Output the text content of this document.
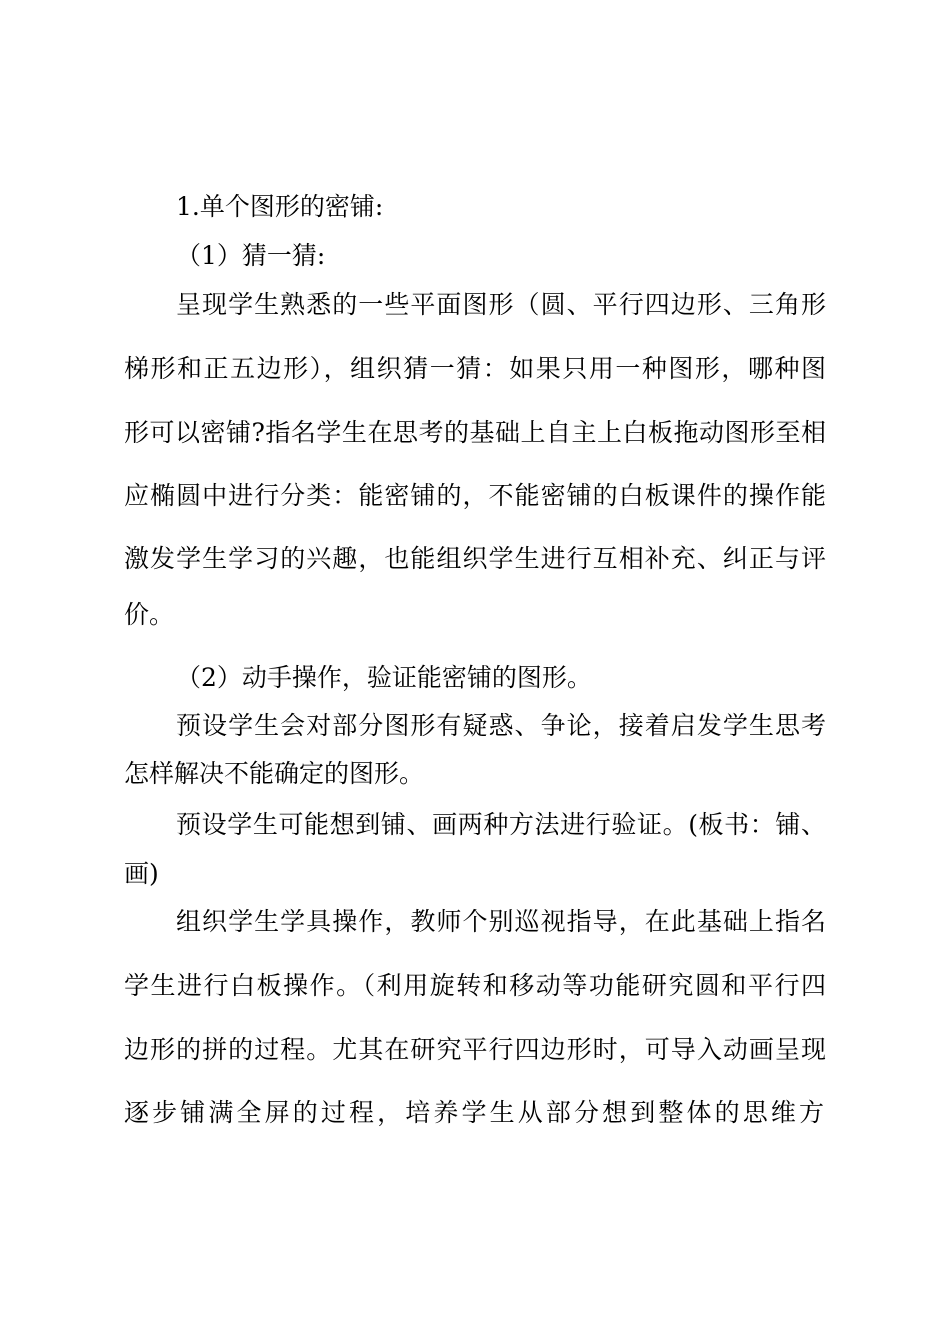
1.单个图形的密铺:
（1）猜一猜:
呈现学生熟悉的一些平面图形（圆、平行四边形、三角形
梯形和正五边形），组织猜一猜：如果只用一种图形，哪种图
形可以密铺?指名学生在思考的基础上自主上白板拖动图形至相
应椭圆中进行分类：能密铺的，不能密铺的白板课件的操作能
激发学生学习的兴趣，也能组织学生进行互相补充、纠正与评
价。
（2）动手操作，验证能密铺的图形。
预设学生会对部分图形有疑惑、争论，接着启发学生思考
怎样解决不能确定的图形。
预设学生可能想到铺、画两种方法进行验证。(板书：铺、
画)
组织学生学具操作，教师个别巡视指导，在此基础上指名
学生进行白板操作。（利用旋转和移动等功能研究圆和平行四
边形的拼的过程。尤其在研究平行四边形时，可导入动画呈现
逐步铺满全屏的过程，培养学生从部分想到整体的思维方
